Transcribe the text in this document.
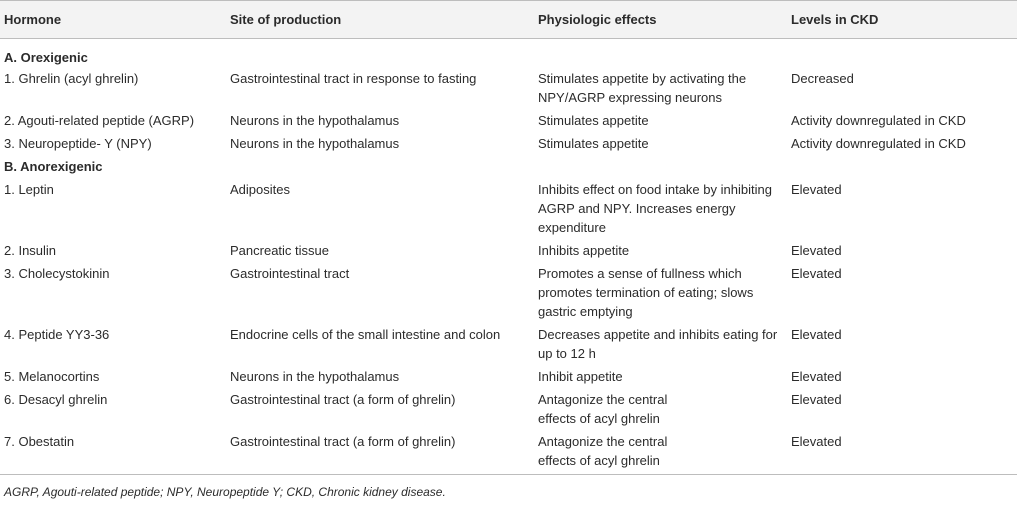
Hormone	Site of production	Physiologic effects	Levels in CKD
A. Orexigenic			
1. Ghrelin (acyl ghrelin)	Gastrointestinal tract in response to fasting	Stimulates appetite by activating the NPY/AGRP expressing neurons	Decreased
2. Agouti-related peptide (AGRP)	Neurons in the hypothalamus	Stimulates appetite	Activity downregulated in CKD
3. Neuropeptide- Y (NPY)	Neurons in the hypothalamus	Stimulates appetite	Activity downregulated in CKD
B. Anorexigenic			
1. Leptin	Adiposites	Inhibits effect on food intake by inhibiting AGRP and NPY. Increases energy expenditure	Elevated
2. Insulin	Pancreatic tissue	Inhibits appetite	Elevated
3. Cholecystokinin	Gastrointestinal tract	Promotes a sense of fullness which promotes termination of eating; slows gastric emptying	Elevated
4. Peptide YY3-36	Endocrine cells of the small intestine and colon	Decreases appetite and inhibits eating for up to 12 h	Elevated
5. Melanocortins	Neurons in the hypothalamus	Inhibit appetite	Elevated
6. Desacyl ghrelin	Gastrointestinal tract (a form of ghrelin)	Antagonize the central effects of acyl ghrelin	Elevated
7. Obestatin	Gastrointestinal tract (a form of ghrelin)	Antagonize the central effects of acyl ghrelin	Elevated
AGRP, Agouti-related peptide; NPY, Neuropeptide Y; CKD, Chronic kidney disease.
